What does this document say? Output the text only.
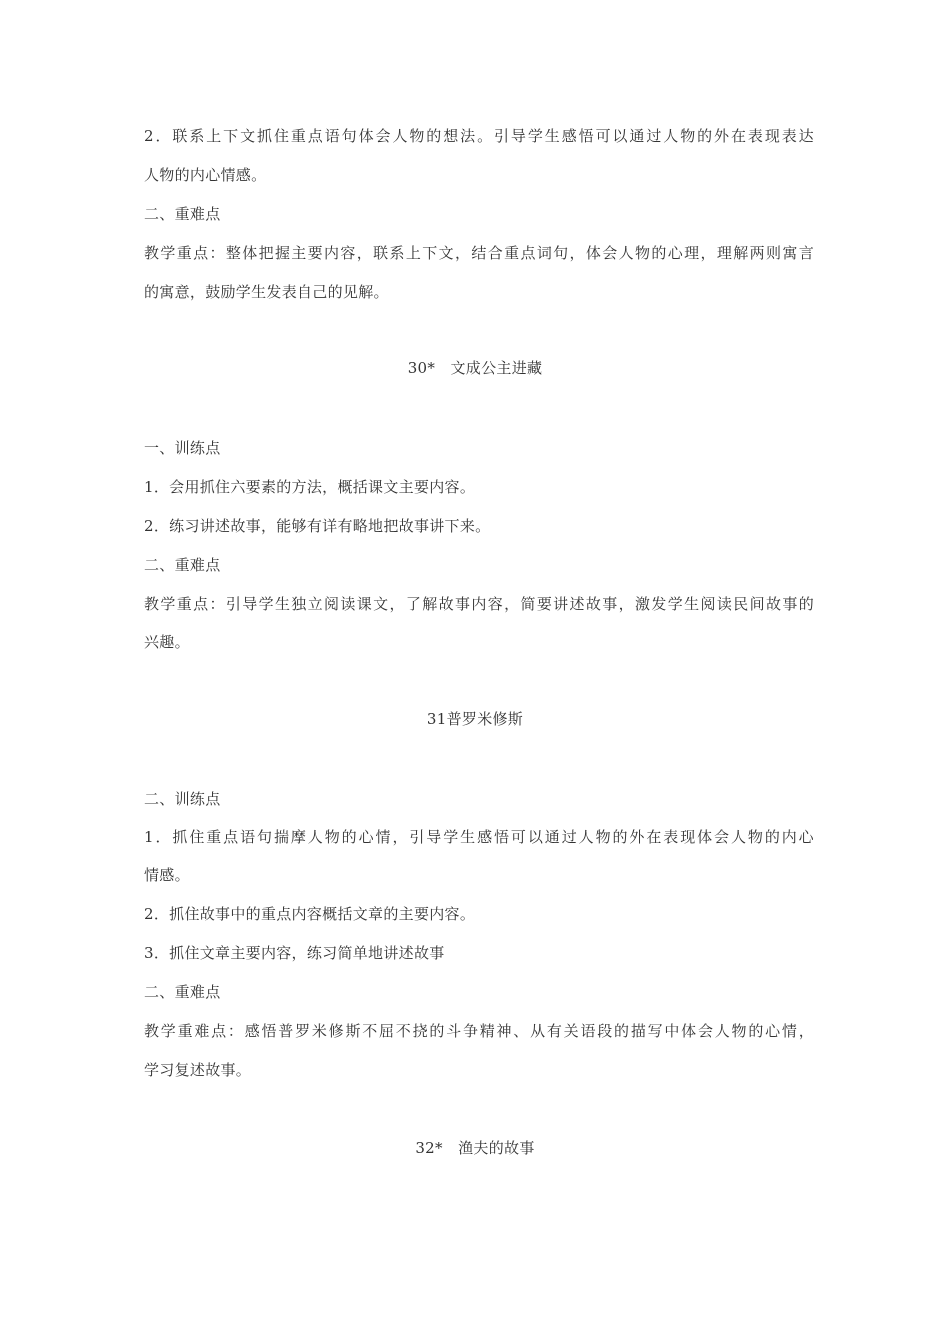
2．联系上下文抓住重点语句体会人物的想法。引导学生感悟可以通过人物的外在表现表达
人物的内心情感。
二、重难点
教学重点：整体把握主要内容，联系上下文，结合重点词句，体会人物的心理，理解两则寓言
的寓意，鼓励学生发表自己的见解。
30*　文成公主进藏
一、训练点
1．会用抓住六要素的方法，概括课文主要内容。
2．练习讲述故事，能够有详有略地把故事讲下来。
二、重难点
教学重点：引导学生独立阅读课文，了解故事内容，简要讲述故事，激发学生阅读民间故事的
兴趣。
31普罗米修斯
二、训练点
1．抓住重点语句揣摩人物的心情，引导学生感悟可以通过人物的外在表现体会人物的内心
情感。
2．抓住故事中的重点内容概括文章的主要内容。
3．抓住文章主要内容，练习简单地讲述故事
二、重难点
教学重难点：感悟普罗米修斯不屈不挠的斗争精神、从有关语段的描写中体会人物的心情，
学习复述故事。
32*　渔夫的故事
